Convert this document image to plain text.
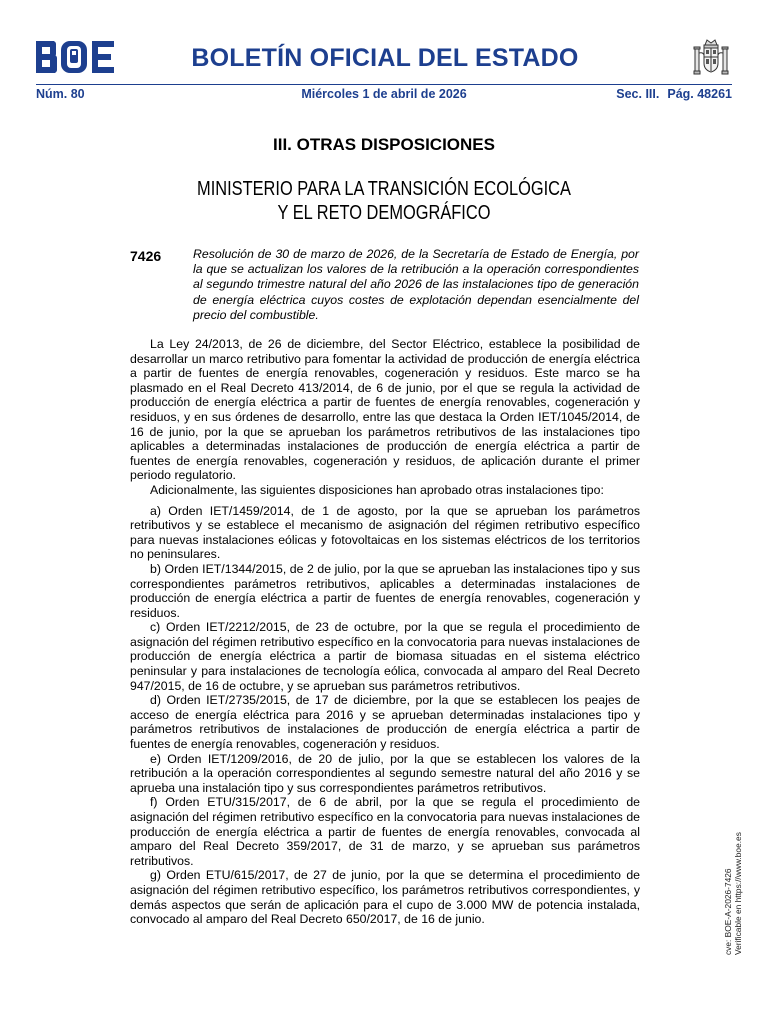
BOLETÍN OFICIAL DEL ESTADO
Núm. 80	Miércoles 1 de abril de 2026	Sec. III. Pág. 48261
III. OTRAS DISPOSICIONES
MINISTERIO PARA LA TRANSICIÓN ECOLÓGICA
Y EL RETO DEMOGRÁFICO
7426	Resolución de 30 de marzo de 2026, de la Secretaría de Estado de Energía, por la que se actualizan los valores de la retribución a la operación correspondientes al segundo trimestre natural del año 2026 de las instalaciones tipo de generación de energía eléctrica cuyos costes de explotación dependan esencialmente del precio del combustible.

La Ley 24/2013, de 26 de diciembre, del Sector Eléctrico, establece la posibilidad de desarrollar un marco retributivo para fomentar la actividad de producción de energía eléctrica a partir de fuentes de energía renovables, cogeneración y residuos. Este marco se ha plasmado en el Real Decreto 413/2014, de 6 de junio, por el que se regula la actividad de producción de energía eléctrica a partir de fuentes de energía renovables, cogeneración y residuos, y en sus órdenes de desarrollo, entre las que destaca la Orden IET/1045/2014, de 16 de junio, por la que se aprueban los parámetros retributivos de las instalaciones tipo aplicables a determinadas instalaciones de producción de energía eléctrica a partir de fuentes de energía renovables, cogeneración y residuos, de aplicación durante el primer periodo regulatorio.

Adicionalmente, las siguientes disposiciones han aprobado otras instalaciones tipo:

a) Orden IET/1459/2014, de 1 de agosto, por la que se aprueban los parámetros retributivos y se establece el mecanismo de asignación del régimen retributivo específico para nuevas instalaciones eólicas y fotovoltaicas en los sistemas eléctricos de los territorios no peninsulares.

b) Orden IET/1344/2015, de 2 de julio, por la que se aprueban las instalaciones tipo y sus correspondientes parámetros retributivos, aplicables a determinadas instalaciones de producción de energía eléctrica a partir de fuentes de energía renovables, cogeneración y residuos.

c) Orden IET/2212/2015, de 23 de octubre, por la que se regula el procedimiento de asignación del régimen retributivo específico en la convocatoria para nuevas instalaciones de producción de energía eléctrica a partir de biomasa situadas en el sistema eléctrico peninsular y para instalaciones de tecnología eólica, convocada al amparo del Real Decreto 947/2015, de 16 de octubre, y se aprueban sus parámetros retributivos.

d) Orden IET/2735/2015, de 17 de diciembre, por la que se establecen los peajes de acceso de energía eléctrica para 2016 y se aprueban determinadas instalaciones tipo y parámetros retributivos de instalaciones de producción de energía eléctrica a partir de fuentes de energía renovables, cogeneración y residuos.

e) Orden IET/1209/2016, de 20 de julio, por la que se establecen los valores de la retribución a la operación correspondientes al segundo semestre natural del año 2016 y se aprueba una instalación tipo y sus correspondientes parámetros retributivos.

f) Orden ETU/315/2017, de 6 de abril, por la que se regula el procedimiento de asignación del régimen retributivo específico en la convocatoria para nuevas instalaciones de producción de energía eléctrica a partir de fuentes de energía renovables, convocada al amparo del Real Decreto 359/2017, de 31 de marzo, y se aprueban sus parámetros retributivos.

g) Orden ETU/615/2017, de 27 de junio, por la que se determina el procedimiento de asignación del régimen retributivo específico, los parámetros retributivos correspondientes, y demás aspectos que serán de aplicación para el cupo de 3.000 MW de potencia instalada, convocado al amparo del Real Decreto 650/2017, de 16 de junio.	cve: BOE-A-2026-7426 Verificable en https://www.boe.es
